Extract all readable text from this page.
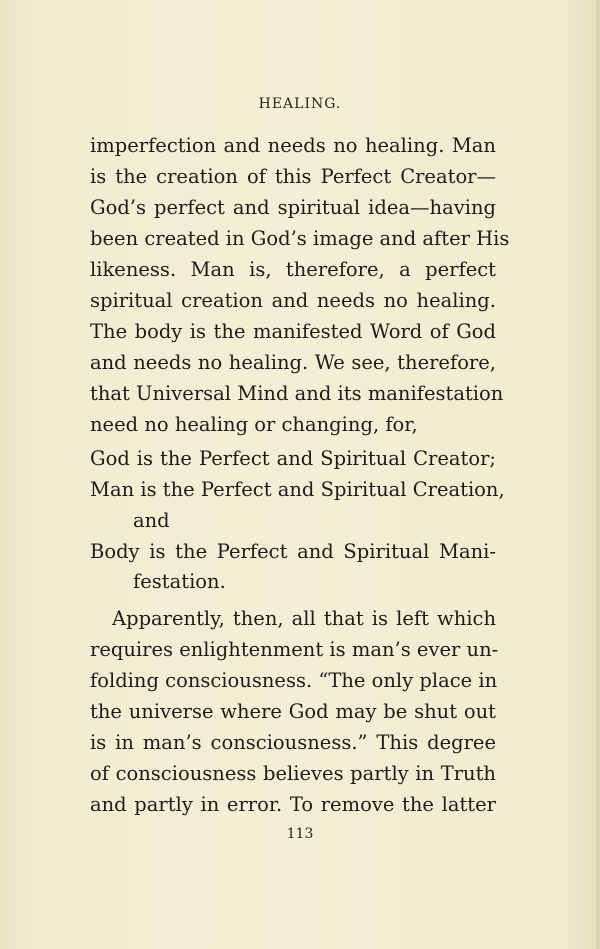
HEALING.
imperfection and needs no healing. Man
is the creation of this Perfect Creator—
God’s perfect and spiritual idea—having
been created in God’s image and after His
likeness. Man is, therefore, a perfect
spiritual creation and needs no healing.
The body is the manifested Word of God
and needs no healing. We see, therefore,
that Universal Mind and its manifestation
need no healing or changing, for,
God is the Perfect and Spiritual Creator;
Man is the Perfect and Spiritual Creation,
and
Body is the Perfect and Spiritual Mani-
festation.
Apparently, then, all that is left which
requires enlightenment is man’s ever un-
folding consciousness. “The only place in
the universe where God may be shut out
is in man’s consciousness.” This degree
of consciousness believes partly in Truth
and partly in error. To remove the latter
113
